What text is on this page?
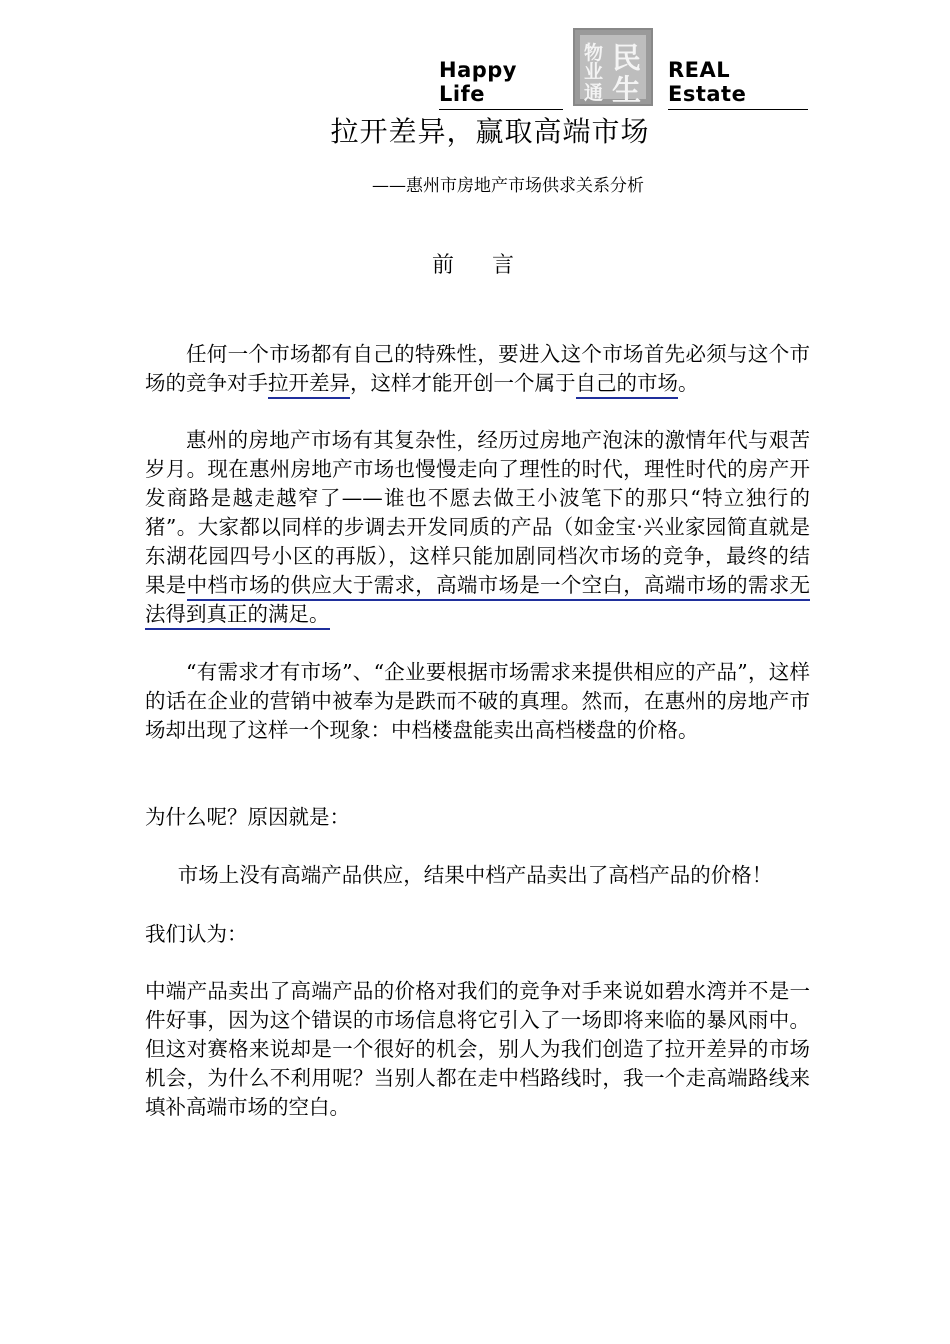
Happy Life
物
业
通
民
生
REAL Estate
拉开差异，赢取高端市场
——惠州市房地产市场供求关系分析
前言

任何一个市场都有自己的特殊性，要进入这个市场首先必须与这个市场的竞争对手拉开差异，这样才能开创一个属于自己的市场。

惠州的房地产市场有其复杂性，经历过房地产泡沫的激情年代与艰苦岁月。现在惠州房地产市场也慢慢走向了理性的时代，理性时代的房产开发商路是越走越窄了——谁也不愿去做王小波笔下的那只“特立独行的猪”。大家都以同样的步调去开发同质的产品（如金宝·兴业家园简直就是东湖花园四号小区的再版），这样只能加剧同档次市场的竞争，最终的结果是中档市场的供应大于需求，高端市场是一个空白，高端市场的需求无法得到真正的满足。

“有需求才有市场”、“企业要根据市场需求来提供相应的产品”，这样的话在企业的营销中被奉为是跌而不破的真理。然而，在惠州的房地产市场却出现了这样一个现象：中档楼盘能卖出高档楼盘的价格。

为什么呢？原因就是：

市场上没有高端产品供应，结果中档产品卖出了高档产品的价格！

我们认为：

中端产品卖出了高端产品的价格对我们的竞争对手来说如碧水湾并不是一件好事，因为这个错误的市场信息将它引入了一场即将来临的暴风雨中。但这对赛格来说却是一个很好的机会，别人为我们创造了拉开差异的市场机会，为什么不利用呢？当别人都在走中档路线时，我一个走高端路线来填补高端市场的空白。
